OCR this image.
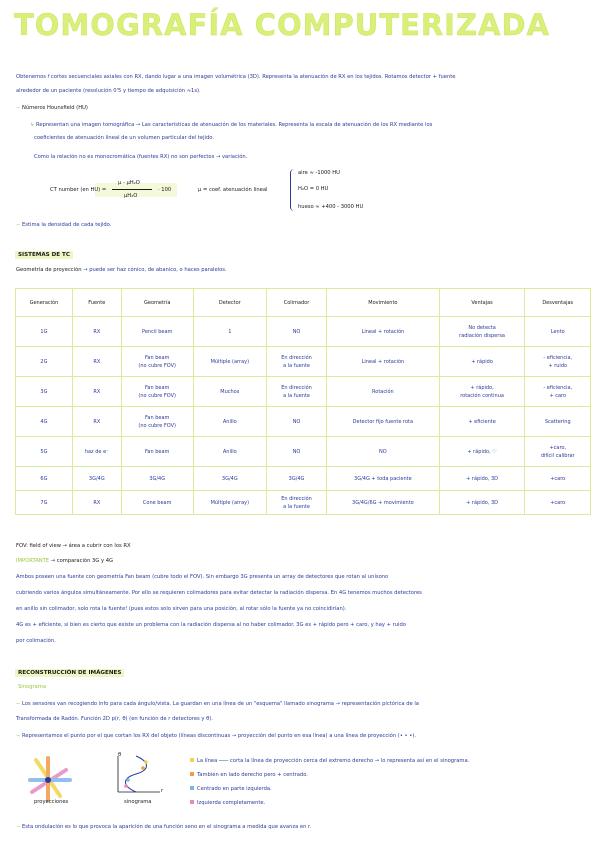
TOMOGRAFÍA COMPUTERIZADA
Obtenemos 𝑓 cortes secuenciales axiales con RX, dando lugar a una imagen volumétrica (3D). Representa la atenuación de RX en los tejidos. Rotamos detector + fuente
alrededor de un paciente (resolución 0'5 y tiempo de adquisición ≈1s).
− Números Hounsfield (HU)
↳ Representan una imagen tomográfica → Las características de atenuación de los materiales. Representa la escala de atenuación de los RX mediante los
coeficientes de atenuación lineal de un volumen particular del tejido.
Como la relación no es monocromática (fuentes RX) no son perfectos → variación.
CT number (en HU) =
μ - μH₂O
μH₂O
· 100	μ = coef. atenuación lineal
aire ≈ -1000 HU
H₂O = 0 HU
hueso ≈ +400 - 3000 HU
− Estima la densidad de cada tejido.
SISTEMAS DE TC
Geometría de proyección → puede ser haz cónico, de abanico, o haces paralelos.
Generación	Fuente	Geometría	Detector	Colimador	Movimiento	Ventajas	Desventajas
1G	RX	Pencil beam	1	NO	Lineal + rotación	No detecta
radiación dispersa	Lento
2G	RX	Fan beam
(no cubre FOV)	Múltiple (array)	En dirección
a la fuente	Lineal + rotación	+ rápido	- eficiencia,
+ ruido
3G	RX	Fan beam
(no cubre FOV)	Muchos	En dirección
a la fuente	Rotación	+ rápido,
rotación continua	- eficiencia,
+ caro
4G	RX	Fan beam
(no cubre FOV)	Anillo	NO	Detector fijo fuente rota	+ eficiente	Scattering
5G	haz de e⁻	Fan beam	Anillo	NO	NO	+ rápido, ♡	+caro,
difícil calibrar
6G	3G/4G	3G/4G	3G/4G	3G/4G	3G/4G + toda paciente	+ rápido, 3D	+caro
7G	RX	Cone beam	Múltiple (array)	En dirección
a la fuente	3G/4G/6G + movimiento	+ rápido, 3D	+caro
FOV: field of view → área a cubrir con los RX
IMPORTANTE → comparación 3G y 4G
Ambos poseen una fuente con geometría Fan beam (cubre todo el FOV). Sin embargo 3G presenta un array de detectores que rotan al unísono
cubriendo varios ángulos simultáneamente. Por ello se requieren colimadores para evitar detectar la radiación dispersa. En 4G tenemos muchos detectores
en anillo sin colimador, solo rota la fuente! (pues estos solo sirven para una posición, al rotar sólo la fuente ya no coincidirían).
4G es + eficiente, si bien es cierto que existe un problema con la radiación dispersa al no haber colimador. 3G es + rápido pero + caro, y hay + ruido
por colimación.
RECONSTRUCCIÓN DE IMÁGENES
Sinograma
− Los sensores van recogiendo info para cada ángulo/vista. La guardan en una línea de un "esquema" llamado sinograma → representación pictórica de la
Transformada de Radón. Función 2D p(r, θ) (en función de r detectores y θ).
− Representamos el punto por el que cortan los RX del objeto (líneas discontinuas → proyección del punto en esa línea) a una línea de proyección (• • •).
proyecciones
r
θ
sinograma
La línea ─── corta la línea de proyección cerca del extremo derecho → lo representa así en el sinograma.
También en lado derecho pero + centrado.
Centrado en parte izquierda.
Izquierda completamente.
− Esta ondulación es lo que provoca la aparición de una función seno en el sinograma a medida que avanza en r.
